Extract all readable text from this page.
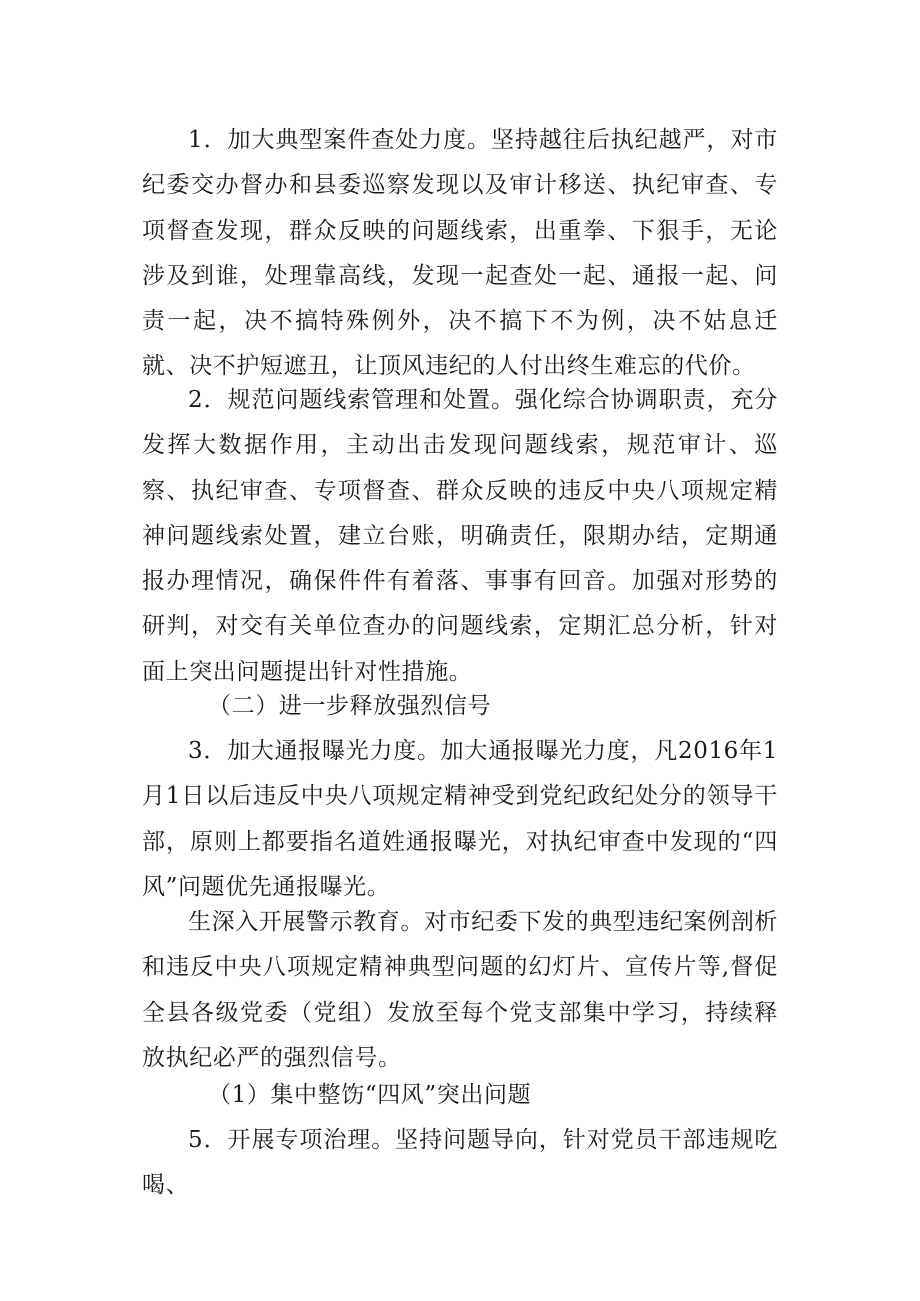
1．加大典型案件查处力度。坚持越往后执纪越严，对市纪委交办督办和县委巡察发现以及审计移送、执纪审查、专项督查发现，群众反映的问题线索，出重拳、下狠手，无论涉及到谁，处理靠高线，发现一起查处一起、通报一起、问责一起，决不搞特殊例外，决不搞下不为例，决不姑息迁就、决不护短遮丑，让顶风违纪的人付出终生难忘的代价。

2．规范问题线索管理和处置。强化综合协调职责，充分发挥大数据作用，主动出击发现问题线索，规范审计、巡察、执纪审查、专项督查、群众反映的违反中央八项规定精神问题线索处置，建立台账，明确责任，限期办结，定期通报办理情况，确保件件有着落、事事有回音。加强对形势的研判，对交有关单位查办的问题线索，定期汇总分析，针对面上突出问题提出针对性措施。

（二）进一步释放强烈信号

3．加大通报曝光力度。加大通报曝光力度，凡2016年1月1日以后违反中央八项规定精神受到党纪政纪处分的领导干部，原则上都要指名道姓通报曝光，对执纪审查中发现的“四风”问题优先通报曝光。

生深入开展警示教育。对市纪委下发的典型违纪案例剖析和违反中央八项规定精神典型问题的幻灯片、宣传片等,督促全县各级党委（党组）发放至每个党支部集中学习，持续释放执纪必严的强烈信号。

（1）集中整饬“四风”突出问题

5．开展专项治理。坚持问题导向，针对党员干部违规吃喝、
